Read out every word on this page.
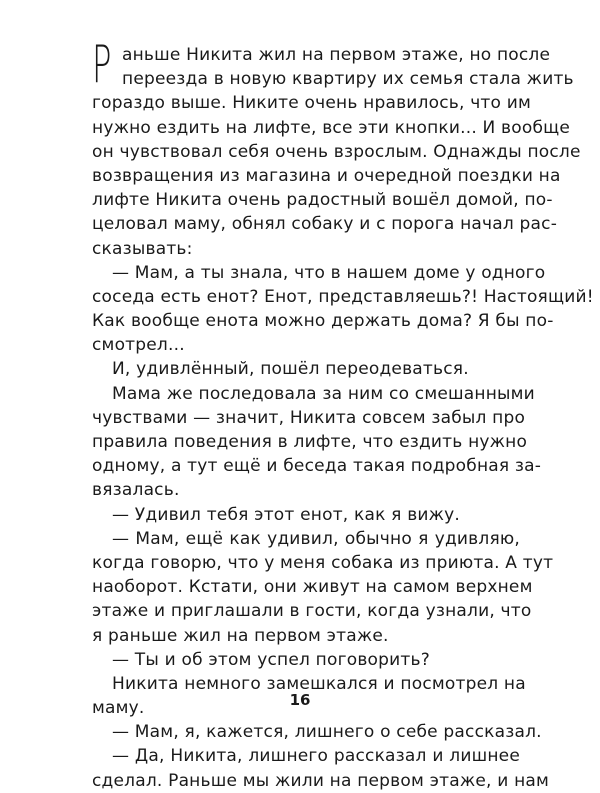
Р аньше Никита жил на первом этаже, но после
переезда в новую квартиру их семья стала жить
гораздо выше. Никите очень нравилось, что им
нужно ездить на лифте, все эти кнопки... И вообще
он чувствовал себя очень взрослым. Однажды после
возвращения из магазина и очередной поездки на
лифте Никита очень радостный вошёл домой, по-
целовал маму, обнял собаку и с порога начал рас-
сказывать:
— Мам, а ты знала, что в нашем доме у одного
соседа есть енот? Енот, представляешь?! Настоящий!
Как вообще енота можно держать дома? Я бы по-
смотрел...
И, удивлённый, пошёл переодеваться.
Мама же последовала за ним со смешанными
чувствами — значит, Никита совсем забыл про
правила поведения в лифте, что ездить нужно
одному, а тут ещё и беседа такая подробная за-
вязалась.
— Удивил тебя этот енот, как я вижу.
— Мам, ещё как удивил, обычно я удивляю,
когда говорю, что у меня собака из приюта. А тут
наоборот. Кстати, они живут на самом верхнем
этаже и приглашали в гости, когда узнали, что
я раньше жил на первом этаже.
— Ты и об этом успел поговорить?
Никита немного замешкался и посмотрел на
маму.
— Мам, я, кажется, лишнего о себе рассказал.
— Да, Никита, лишнего рассказал и лишнее
сделал. Раньше мы жили на первом этаже, и нам
16
